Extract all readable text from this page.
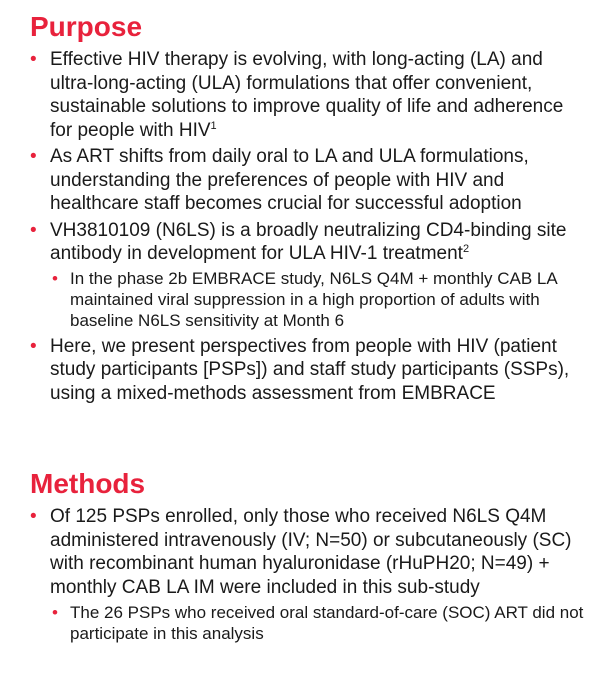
Purpose
• Effective HIV therapy is evolving, with long-acting (LA) and ultra-long-acting (ULA) formulations that offer convenient, sustainable solutions to improve quality of life and adherence for people with HIV$^1$
• As ART shifts from daily oral to LA and ULA formulations, understanding the preferences of people with HIV and healthcare staff becomes crucial for successful adoption
• VH3810109 (N6LS) is a broadly neutralizing CD4-binding site antibody in development for ULA HIV-1 treatment$^2$
• In the phase 2b EMBRACE study, N6LS Q4M + monthly CAB LA maintained viral suppression in a high proportion of adults with baseline N6LS sensitivity at Month 6
• Here, we present perspectives from people with HIV (patient study participants [PSPs]) and staff study participants (SSPs), using a mixed-methods assessment from EMBRACE
Methods
• Of 125 PSPs enrolled, only those who received N6LS Q4M administered intravenously (IV; N=50) or subcutaneously (SC) with recombinant human hyaluronidase (rHuPH20; N=49) + monthly CAB LA IM were included in this sub-study
• The 26 PSPs who received oral standard-of-care (SOC) ART did not participate in this analysis
